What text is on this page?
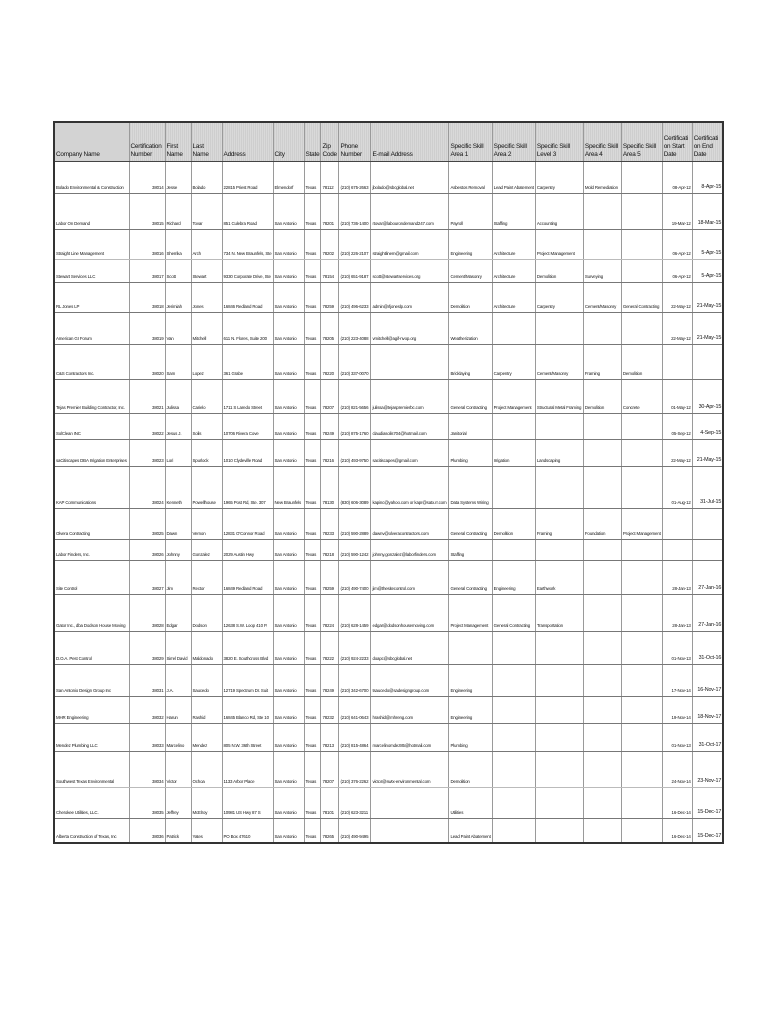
Company Name	Certification Number	First Name	Last Name	Address	City	State	Zip Code	Phone Number	E-mail Address	Specific Skill Area 1	Specific Skill Area 2	Specific Skill Level 3	Specific Skill Area 4	Specific Skill Area 5	Certificati on Start Date	Certificati on End Date
Bolado Environmental & Construction	38014	Jesse	Bolado	22815 Priest Road	Elmendorf	Texas	78112	(210) 675-2663	jbolado@sbcglobal.net	Asbestos Removal	Lead Paint Abatement	Carpentry	Mold Remediation		08-Apr-12	8-Apr-15
Labor On Demand	38015	Richard	Tovar	851 Culebra Road	San Antonio	Texas	78201	(210) 736-1400	rtovar@labourondemand247.com	Payroll	Staffing	Accounting			19-Mar-12	18-Mar-15
Straight Line Management	38016	Sherrika	Arch	734 N. New Braunfels, Ste	San Antonio	Texas	78202	(210) 226-2107	straightlinem@gmail.com	Engineering	Architecture	Project Management			06-Apr-12	5-Apr-15
Stewart Services LLC	38017	Scott	Stewart	9330 Corporate Drive, Ste	San Antonio	Texas	78154	(210) 651-9187	scott@stewartservices.org	Cement/Masonry	Architecture	Demolition	Surveying		06-Apr-12	5-Apr-15
RL Jones LP	38018	Jerimiah	Jones	16846 Redland Road	San Antonio	Texas	78259	(210) 496-6233	admin@rljoneslp.com	Demolition	Architecture	Carpentry	Cement/Masonry	General Contracting	22-May-12	21-May-15
American GI Forum	38019	Van	Mitchell	611 N. Flores, Suite 200	San Antonio	Texas	78205	(210) 223-4088	vmitchell@agif-nvop.org	Weatherization					22-May-12	21-May-15
C&S Contractors Inc.	38020	Sam	Lopez	361 Grabe	San Antonio	Texas	78220	(210) 337-0070		Bricklaying	Carpentry	Cement/Masonry	Framing	Demolition		
Tejas Premier Building Contractor, Inc.	38021	Julissa	Carielo	1711 S Laredo Street	San Antonio	Texas	78207	(210) 821-5656	julissa@tejaspremierbc.com	General Contracting	Project Management	Structural Metal Framing	Demolition	Concrete	01-May-12	30-Apr-15
SolClean INC	38022	Jesus J.	Solis	10706 Rivera Cove	San Antonio	Texas	78249	(210) 875-1760	claudiasolis704@hotmail.com	Janitorial					05-Sep-12	4-Sep-15
saCitiscapes DBA Irrigation Enterprises	38023	Lori	Spurlock	1010 Clydeville Road	San Antonio	Texas	78216	(210) 493-9750	sacitiscapes@gmail.com	Plumbing	Irrigation	Landscaping			22-May-12	21-May-15
KAP Communications	38024	Kenneth	Powellhouse	1965 Post Rd, Ste. 307	New Braunfels	Texas	78130	(830) 606-3089	kapinc@yahoo.com or kapr@satx.rr.com	Data Systems Wiring					01-Aug-12	31-Jul-15
Olvera Contracting	38025	Dawn	Vernon	12831 O'Connor Road	San Antonio	Texas	78233	(210) 590-2889	dawnv@olveracontractors.com	General Contracting	Demolition	Framing	Foundation	Project Management		
Labor Finders, Inc.	38026	Johnny	Gonzalez	2029 Austin Hwy	San Antonio	Texas	78218	(210) 590-1242	johnny.gonzalez@laborfinders.com	Staffing						
Site Control	38027	Jim	Rector	16849 Redland Road	San Antonio	Texas	78259	(210) 490-7400	jim@thesitecontrol.com	General Contracting	Engineering	Earthwork			28-Jan-13	27-Jan-16
Gator Inc., dba Dodson House Moving	38028	Edgar	Dodson	12638 S.W. Loop 410 P.	San Antonio	Texas	78224	(210) 628-1459	edgar@dodsonhousemoving.com	Project Management	General Contracting	Transportation			28-Jan-13	27-Jan-16
D.O.A. Pest Control	38029	Sirrel David	Maldonado	3820 E. Southcross Blvd	San Antonio	Texas	78222	(210) 924-2233	doapc@sbcglobal.net						01-Nov-13	31-Oct-16
San Antonio Design Group Inc	38031	J.A.	Saucedo	12719 Spectrum Dr. Suit	San Antonio	Texas	78249	(210) 342-6700	tsaucedo@sadesigngroup.com	Engineering					17-Nov-14	16-Nov-17
MHR Engineering	38032	Harun	Rashid	16845 Blanco Rd, Ste 10	San Antonio	Texas	78232	(210) 641-0643	hrashid@mhreng.com	Engineering					19-Nov-14	18-Nov-17
Mendez Plumbing LLC	38033	Marcelino	Mendez	805 N.W. 36th Street	San Antonio	Texas	78213	(210) 815-4864	marcelinomdez85@hotmail.com	Plumbing					01-Nov-13	31-Oct-17
Southwest Texas Environmental	38034	Victor	Ochoa	1133 Arbor Place	San Antonio	Texas	78207	(210) 376-2262	victor@swtx-environmental.com	Demolition					24-Nov-14	23-Nov-17
Cherokee Utilities, LLC.	38035	Jeffrey	McElroy	10981 US Hwy 87 S	San Antonio	Texas	78101	(210) 623-3211		Utilities					16-Dec-14	15-Dec-17
Alberta Construction of Texas, Inc	38036	Patrick	Yates	PO Box 47610	San Antonio	Texas	78265	(210) 490-9495		Lead Paint Abatement					16-Dec-14	15-Dec-17
